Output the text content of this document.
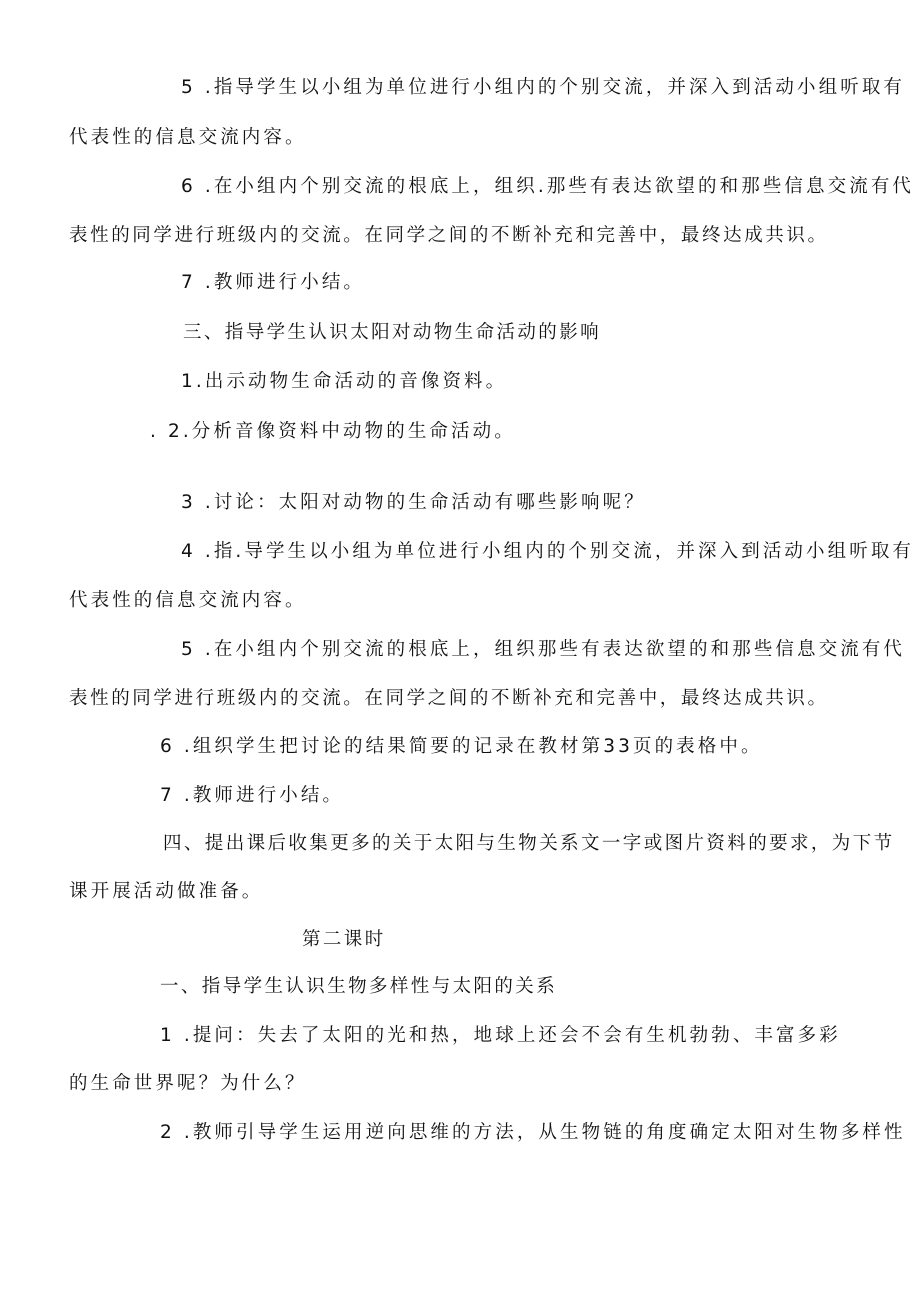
5 .指导学生以小组为单位进行小组内的个别交流，并深入到活动小组听取有
代表性的信息交流内容。
6 .在小组内个别交流的根底上，组织.那些有表达欲望的和那些信息交流有代
表性的同学进行班级内的交流。在同学之间的不断补充和完善中，最终达成共识。
7 .教师进行小结。
三、指导学生认识太阳对动物生命活动的影响
1.出示动物生命活动的音像资料。
. 2.分析音像资料中动物的生命活动。
3 .讨论：太阳对动物的生命活动有哪些影响呢？
4 .指.导学生以小组为单位进行小组内的个别交流，并深入到活动小组听取有
代表性的信息交流内容。
5 .在小组内个别交流的根底上，组织那些有表达欲望的和那些信息交流有代
表性的同学进行班级内的交流。在同学之间的不断补充和完善中，最终达成共识。
6 .组织学生把讨论的结果简要的记录在教材第33页的表格中。
7 .教师进行小结。
四、提出课后收集更多的关于太阳与生物关系文一字或图片资料的要求，为下节
课开展活动做准备。
第二课时
一、指导学生认识生物多样性与太阳的关系
1 .提问：失去了太阳的光和热，地球上还会不会有生机勃勃、丰富多彩
的生命世界呢？为什么？
2 .教师引导学生运用逆向思维的方法，从生物链的角度确定太阳对生物多样性
